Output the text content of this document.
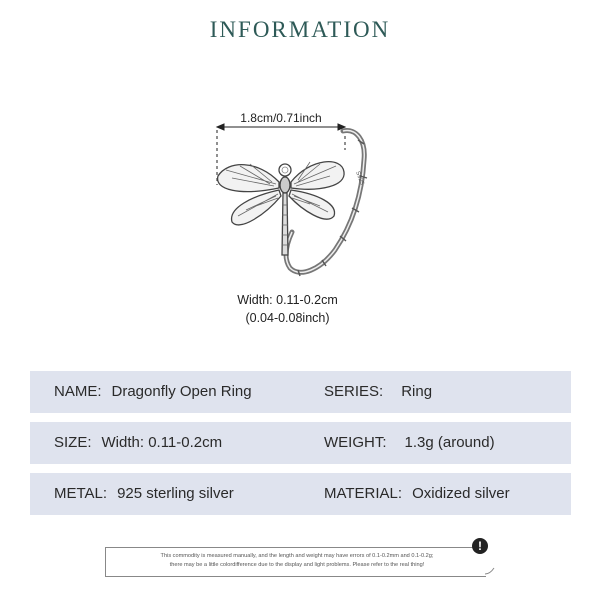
INFORMATION
S925
1.8cm/0.71inch
Width: 0.11-0.2cm
(0.04-0.08inch)
NAME: Dragonfly Open Ring	SERIES: Ring
SIZE: Width: 0.11-0.2cm	WEIGHT: 1.3g (around)
METAL: 925 sterling silver	MATERIAL: Oxidized silver
This commodity is measured manually, and the length and weight may have errors of 0.1-0.2mm and 0.1-0.2g;
there may be a little colordifference due to the display and light problems. Please refer to the real thing!
!
